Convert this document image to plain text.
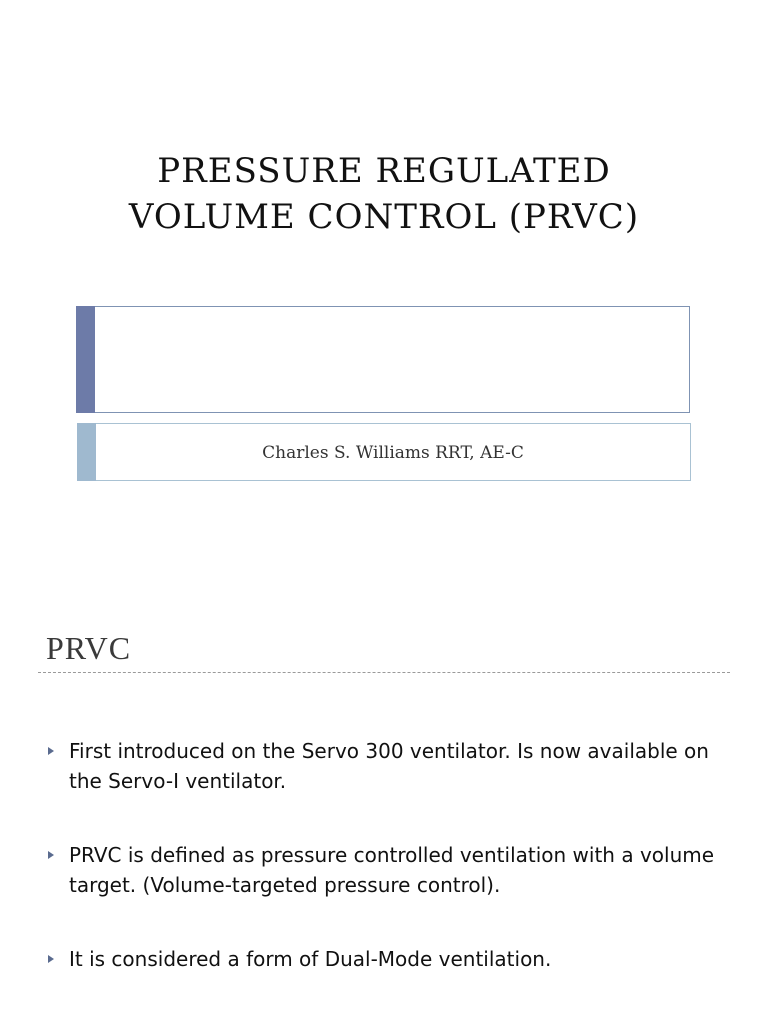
PRESSURE REGULATED
VOLUME CONTROL (PRVC)
Charles S. Williams RRT, AE-C
PRVC
First introduced on the Servo 300 ventilator. Is now available on the Servo-I ventilator.
PRVC is defined as pressure controlled ventilation with a volume target. (Volume-targeted pressure control).
It is considered a form of Dual-Mode ventilation.
